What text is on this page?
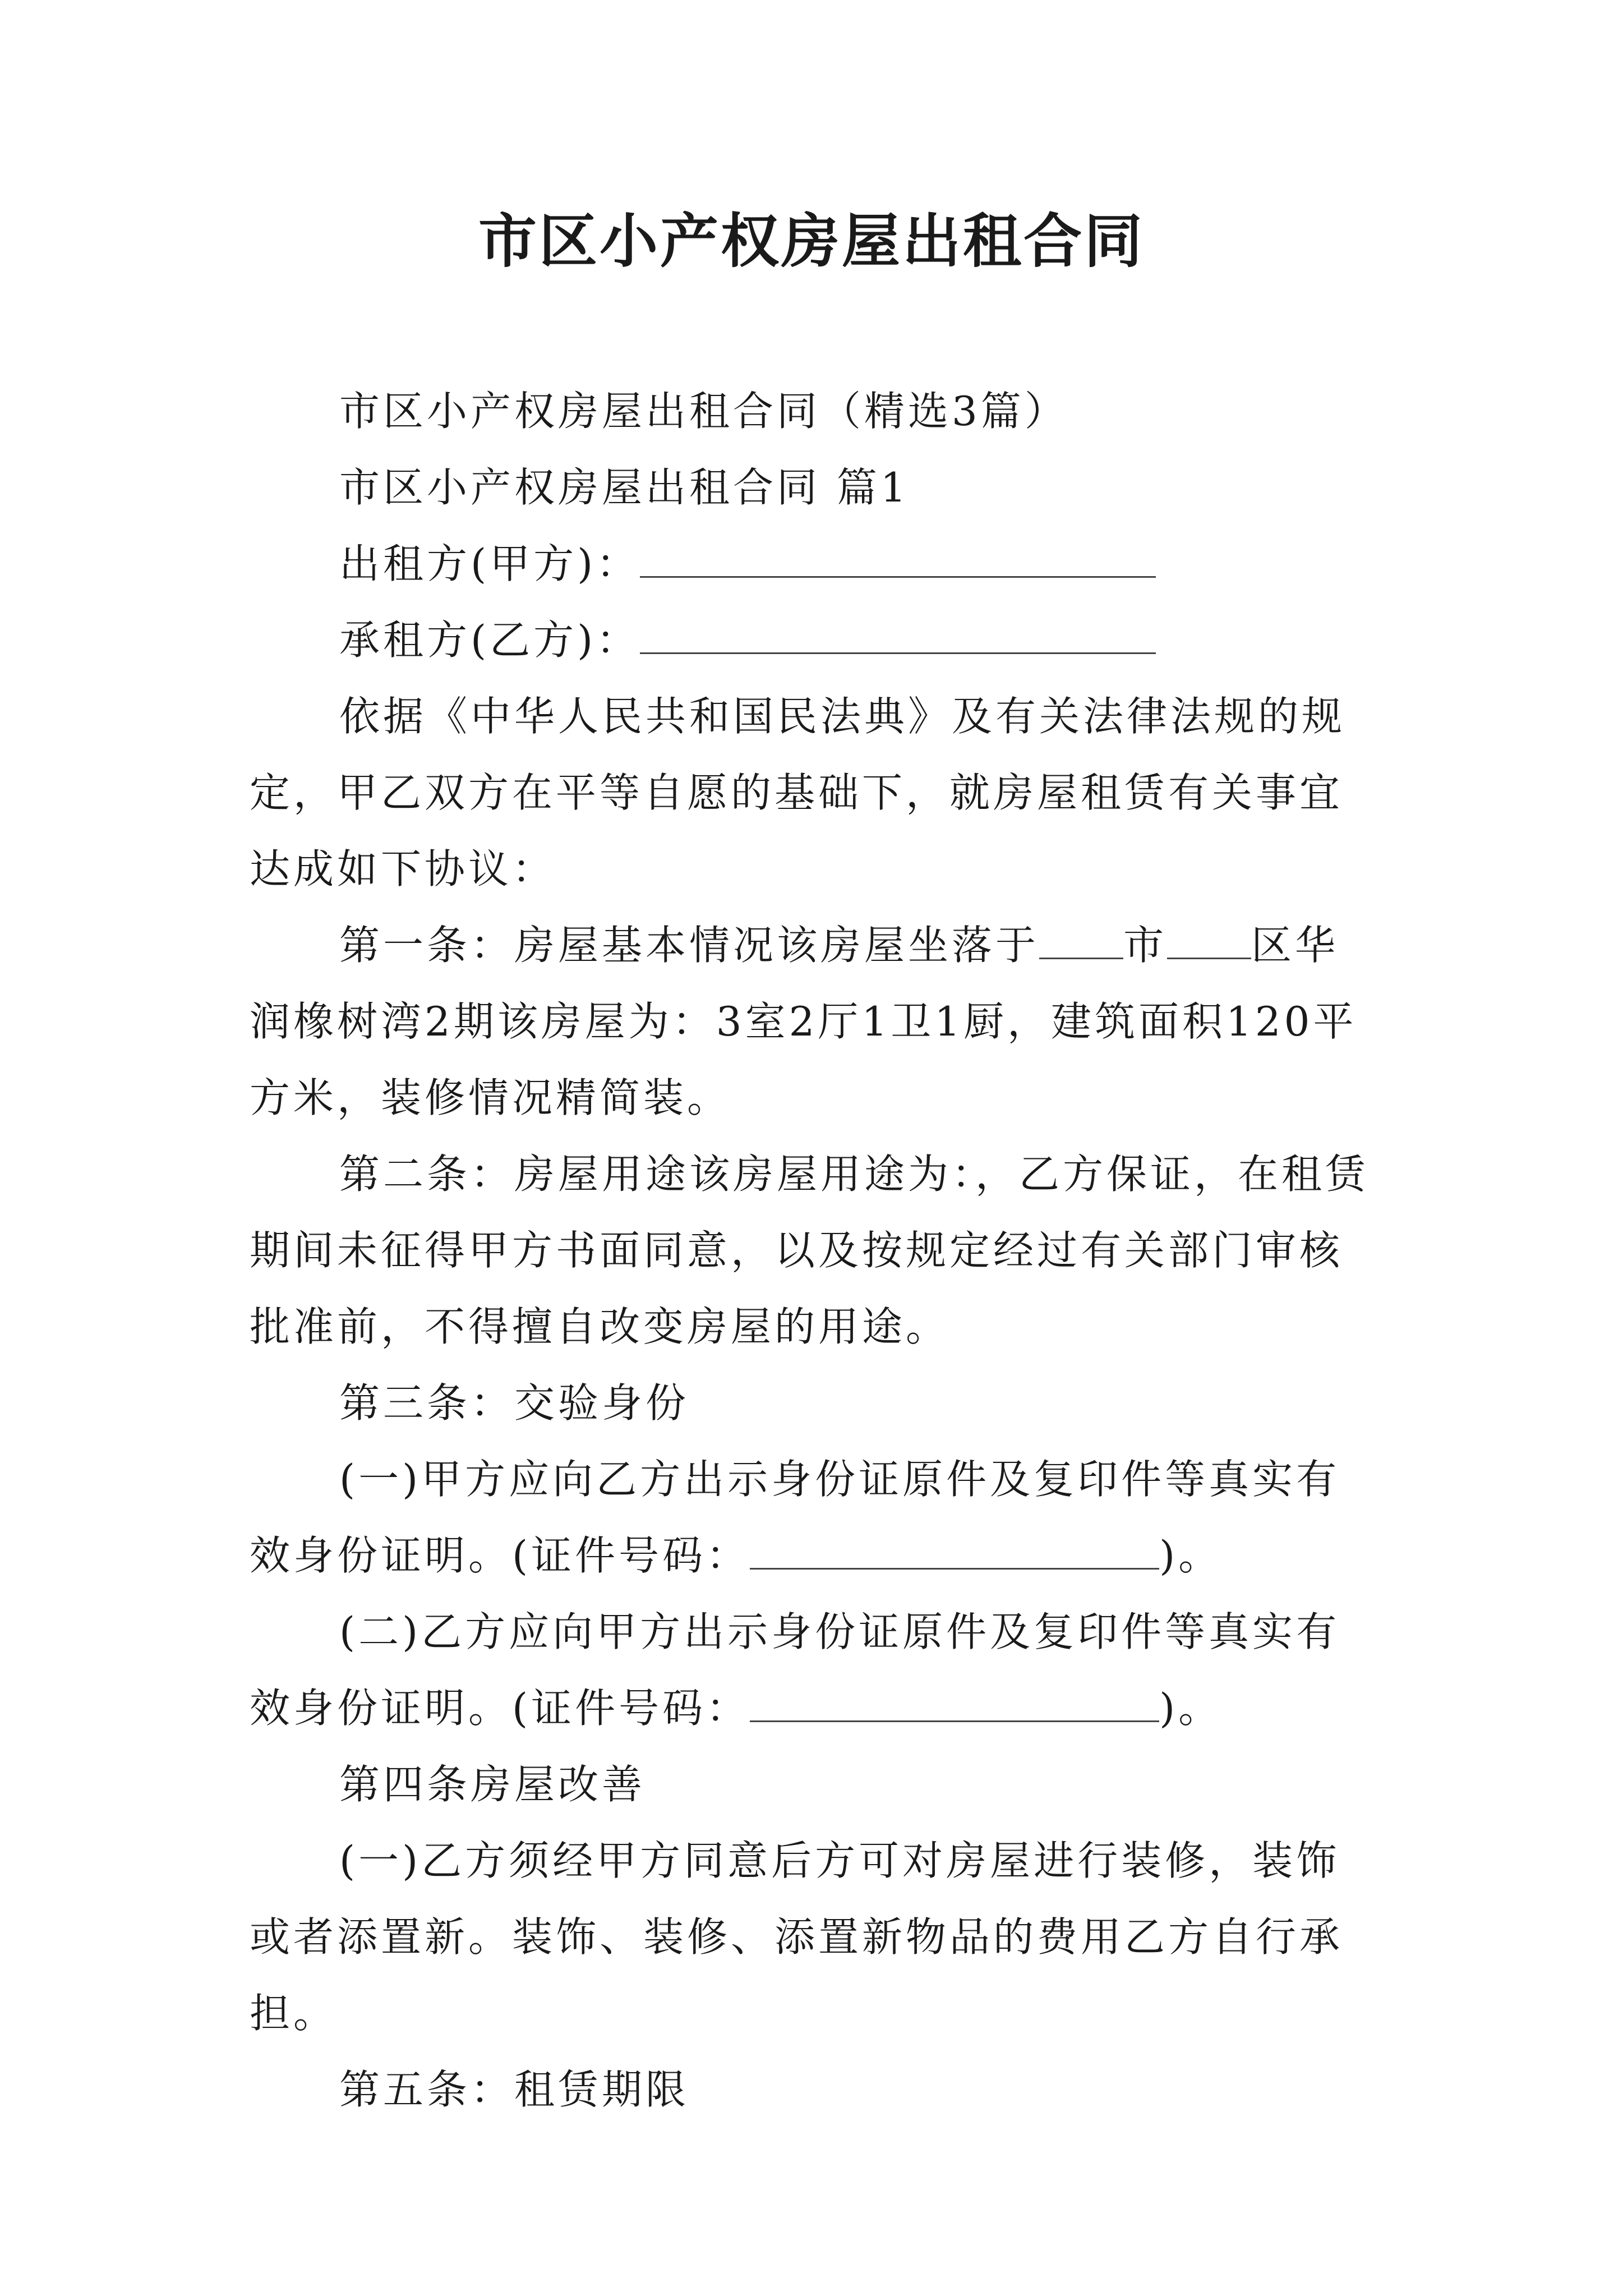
市区小产权房屋出租合同

市区小产权房屋出租合同（精选3篇）

市区小产权房屋出租合同 篇1

出租方(甲方)：

承租方(乙方)：

依据《中华人民共和国民法典》及有关法律法规的规定，甲乙双方在平等自愿的基础下，就房屋租赁有关事宜达成如下协议：

第一条：房屋基本情况该房屋坐落于 市 区华润橡树湾2期该房屋为：3室2厅1卫1厨，建筑面积120平方米，装修情况精简装。

第二条：房屋用途该房屋用途为：，乙方保证，在租赁期间未征得甲方书面同意，以及按规定经过有关部门审核批准前，不得擅自改变房屋的用途。

第三条：交验身份

(一)甲方应向乙方出示身份证原件及复印件等真实有效身份证明。(证件号码：	)。

(二)乙方应向甲方出示身份证原件及复印件等真实有效身份证明。(证件号码：	)。

第四条房屋改善

(一)乙方须经甲方同意后方可对房屋进行装修，装饰或者添置新。装饰、装修、添置新物品的费用乙方自行承担。

第五条：租赁期限
